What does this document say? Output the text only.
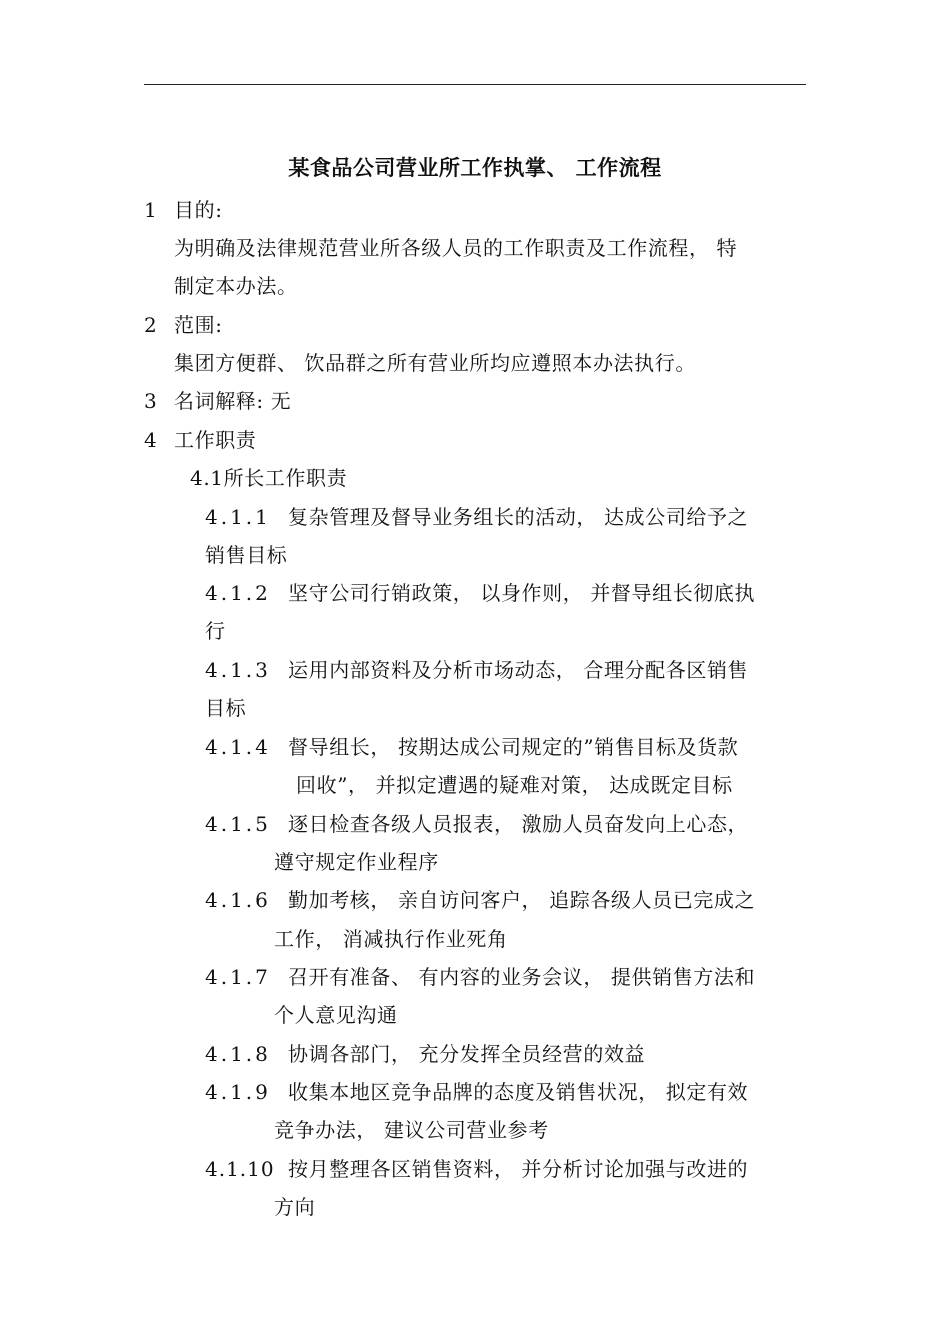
某食品公司营业所工作执掌、 工作流程
1 目的:
为明确及法律规范营业所各级人员的工作职责及工作流程， 特
制定本办法。
2 范围:
集团方便群、 饮品群之所有营业所均应遵照本办法执行。
3 名词解释: 无
4 工作职责
4.1所长工作职责
4.1.1 复杂管理及督导业务组长的活动， 达成公司给予之
销售目标
4.1.2 坚守公司行销政策， 以身作则， 并督导组长彻底执
行
4.1.3 运用内部资料及分析市场动态， 合理分配各区销售
目标
4.1.4 督导组长， 按期达成公司规定的”销售目标及货款
回收”， 并拟定遭遇的疑难对策， 达成既定目标
4.1.5 逐日检查各级人员报表， 激励人员奋发向上心态，
遵守规定作业程序
4.1.6 勤加考核， 亲自访问客户， 追踪各级人员已完成之
工作， 消减执行作业死角
4.1.7 召开有准备、 有内容的业务会议， 提供销售方法和
个人意见沟通
4.1.8 协调各部门， 充分发挥全员经营的效益
4.1.9 收集本地区竞争品牌的态度及销售状况， 拟定有效
竞争办法， 建议公司营业参考
4.1.10 按月整理各区销售资料， 并分析讨论加强与改进的
方向
